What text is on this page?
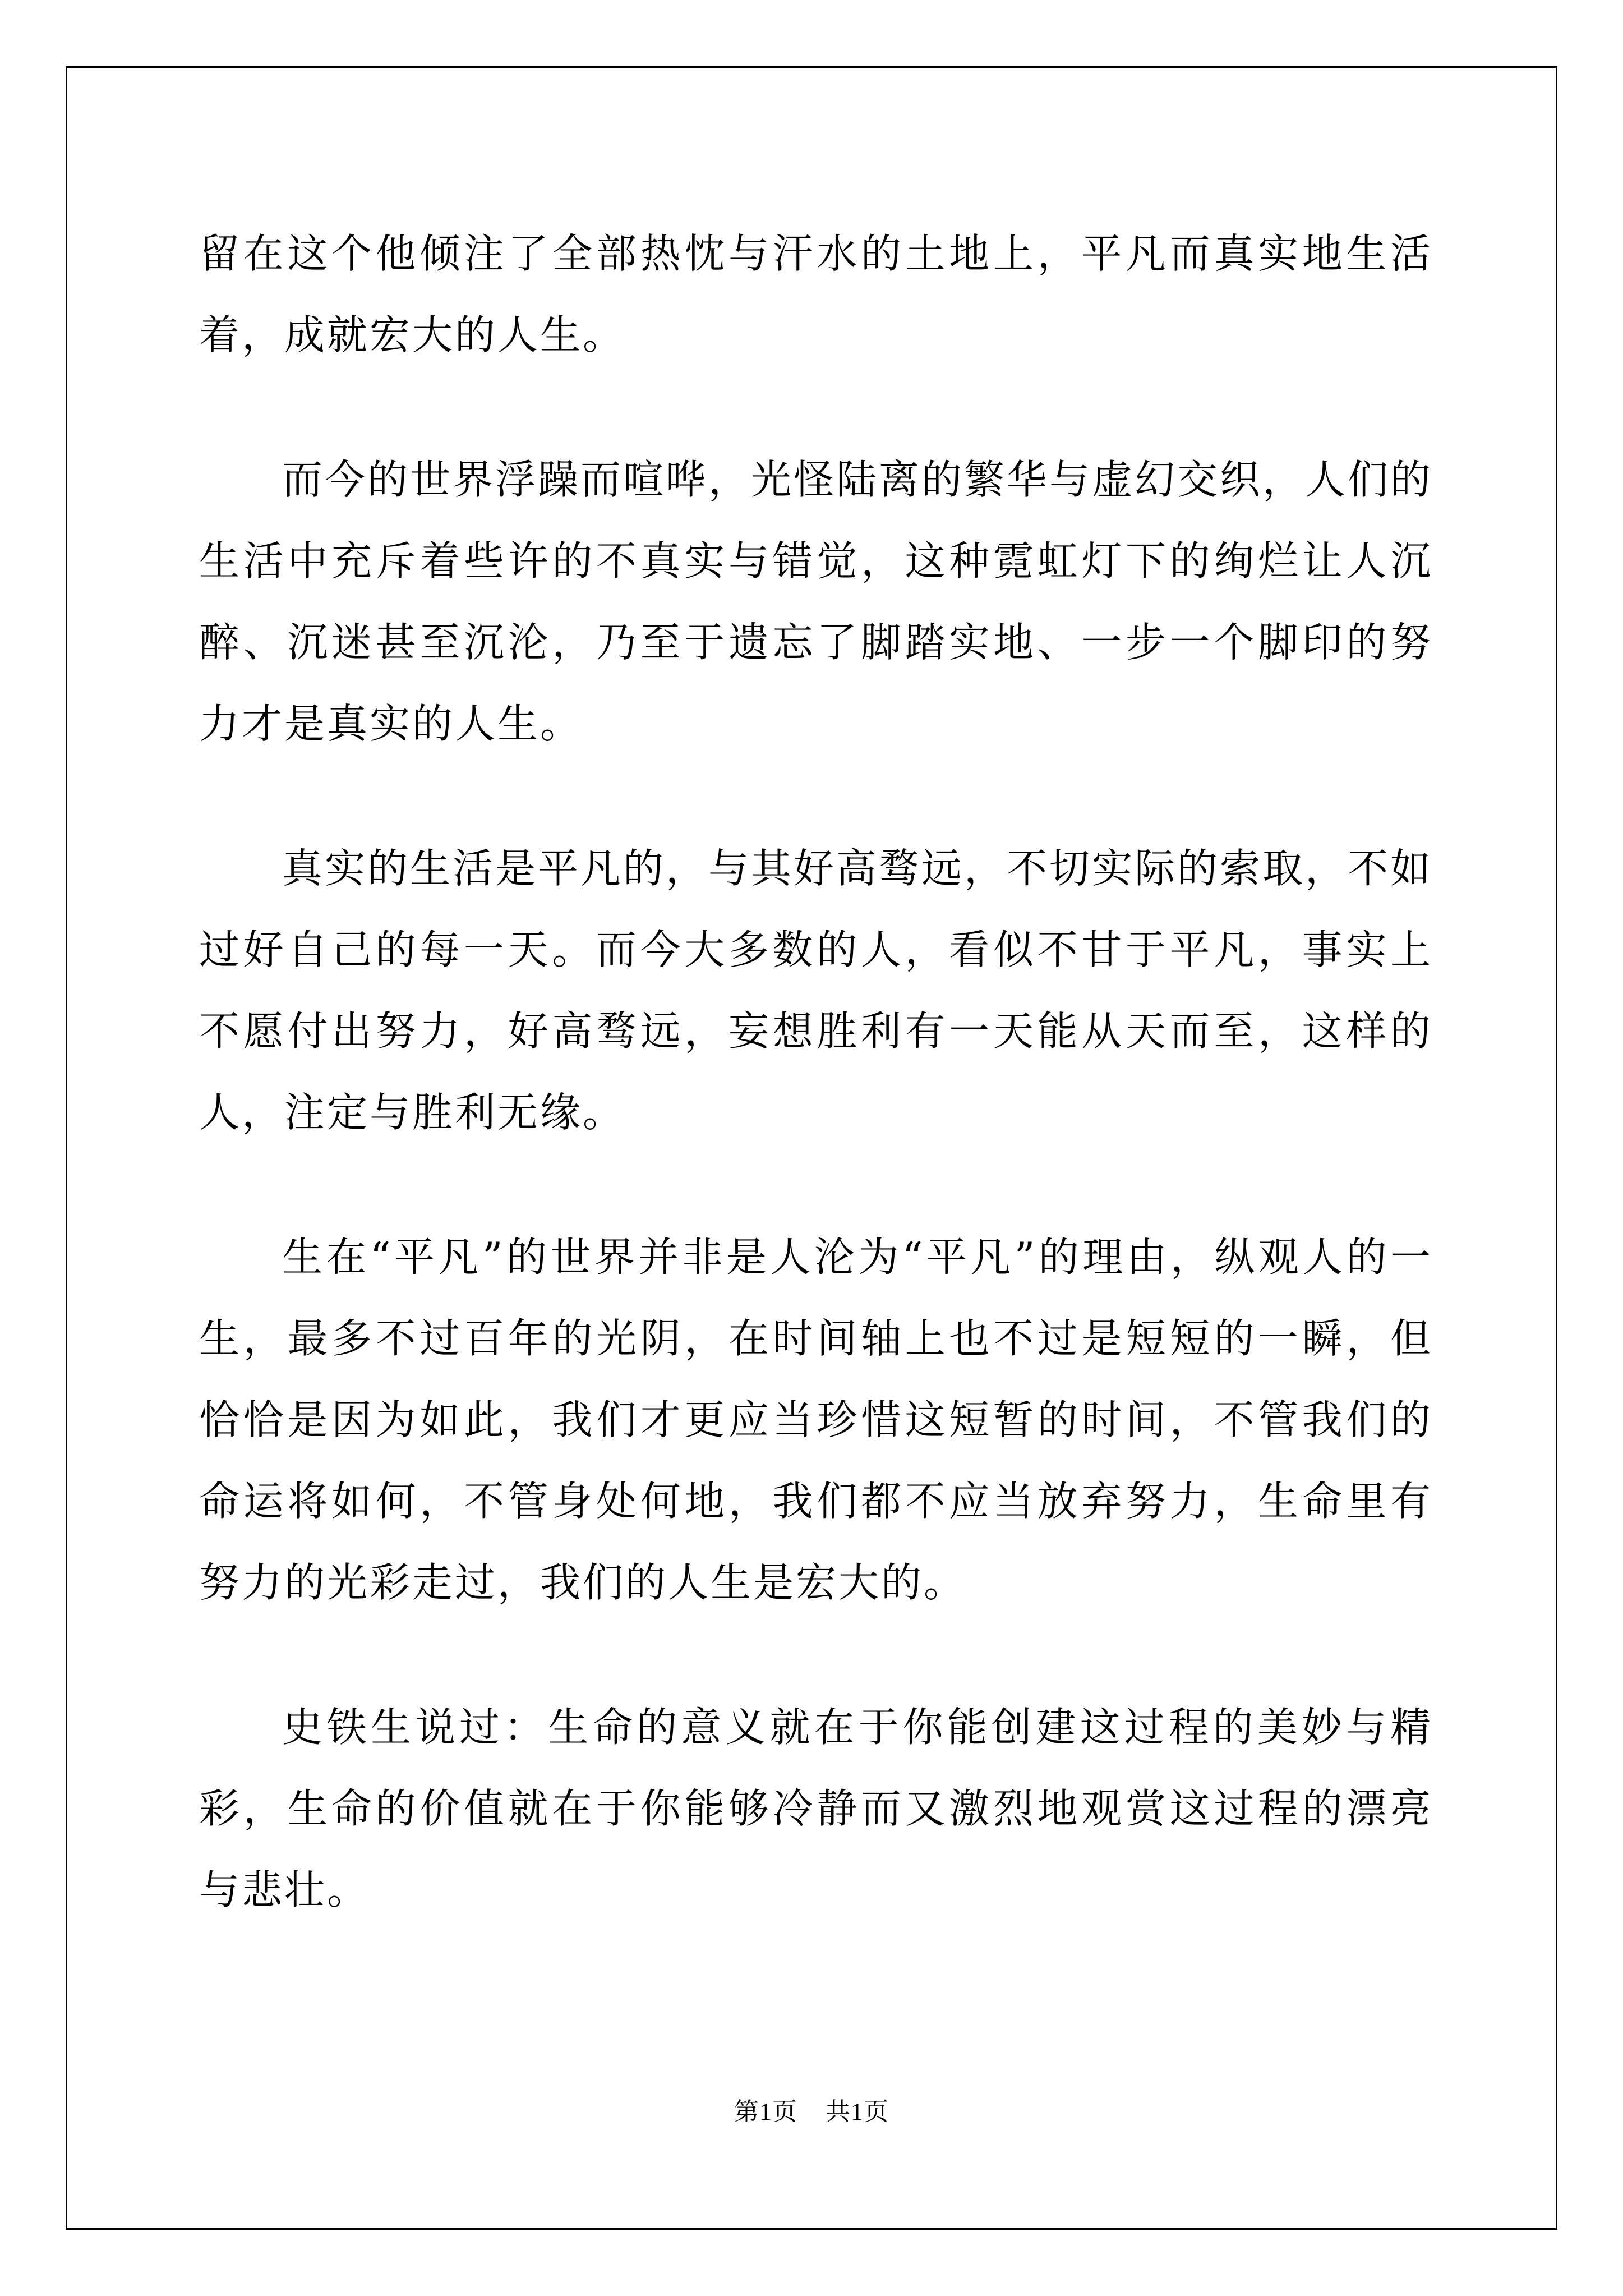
留在这个他倾注了全部热忱与汗水的土地上，平凡而真实地生活着，成就宏大的人生。

而今的世界浮躁而喧哗，光怪陆离的繁华与虚幻交织，人们的生活中充斥着些许的不真实与错觉，这种霓虹灯下的绚烂让人沉醉、沉迷甚至沉沦，乃至于遗忘了脚踏实地、一步一个脚印的努力才是真实的人生。

真实的生活是平凡的，与其好高骛远，不切实际的索取，不如过好自己的每一天。而今大多数的人，看似不甘于平凡，事实上不愿付出努力，好高骛远，妄想胜利有一天能从天而至，这样的人，注定与胜利无缘。

生在“平凡”的世界并非是人沦为“平凡”的理由，纵观人的一生，最多不过百年的光阴，在时间轴上也不过是短短的一瞬，但恰恰是因为如此，我们才更应当珍惜这短暂的时间，不管我们的命运将如何，不管身处何地，我们都不应当放弃努力，生命里有努力的光彩走过，我们的人生是宏大的。

史铁生说过：生命的意义就在于你能创建这过程的美妙与精彩，生命的价值就在于你能够冷静而又激烈地观赏这过程的漂亮与悲壮。

第1页 共1页
